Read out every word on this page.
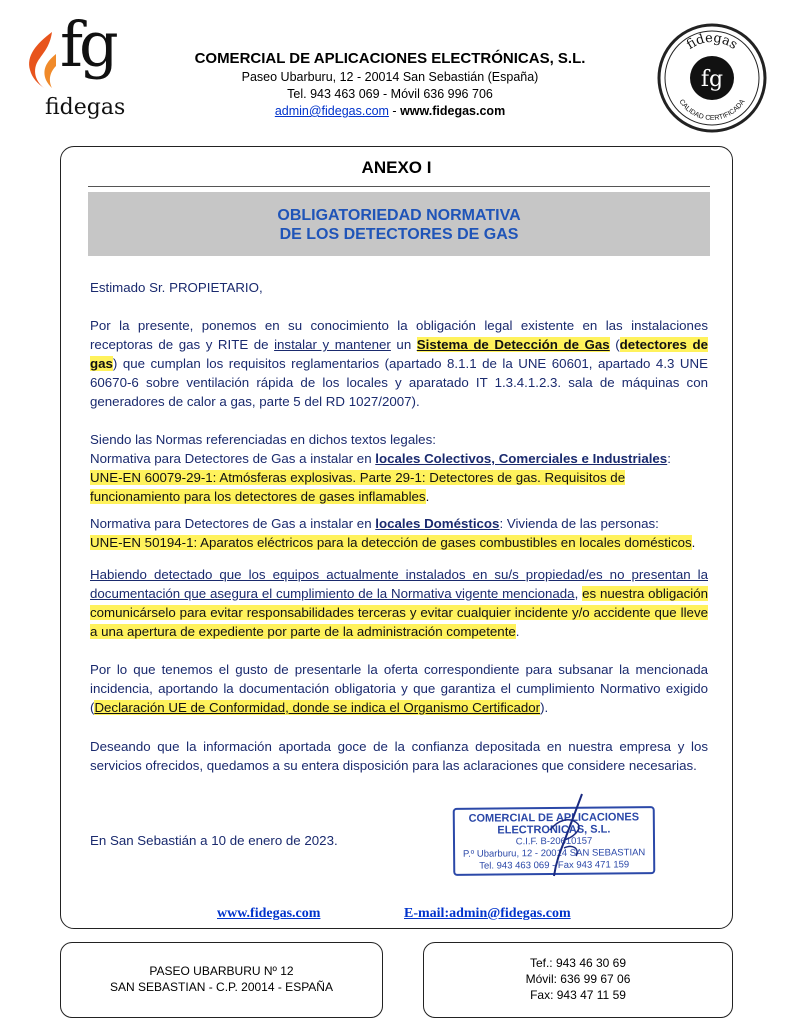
fg
fidegas
COMERCIAL DE APLICACIONES ELECTRÓNICAS, S.L.
Paseo Ubarburu, 12 - 20014 San Sebastián (España)
Tel. 943 463 069 - Móvil 636 996 706
admin@fidegas.com - www.fidegas.com
fg
fidegas
CALIDAD CERTIFICADA
ANEXO I
OBLIGATORIEDAD NORMATIVA
DE LOS DETECTORES DE GAS
Estimado Sr. PROPIETARIO,
Por la presente, ponemos en su conocimiento la obligación legal existente en las instalaciones receptoras de gas y RITE de instalar y mantener un Sistema de Detección de Gas (detectores de gas) que cumplan los requisitos reglamentarios (apartado 8.1.1 de la UNE 60601, apartado 4.3 UNE 60670-6 sobre ventilación rápida de los locales y aparatado IT 1.3.4.1.2.3. sala de máquinas con generadores de calor a gas, parte 5 del RD 1027/2007).
Siendo las Normas referenciadas en dichos textos legales:
Normativa para Detectores de Gas a instalar en locales Colectivos, Comerciales e Industriales:
UNE-EN 60079-29-1: Atmósferas explosivas. Parte 29-1: Detectores de gas. Requisitos de funcionamiento para los detectores de gases inflamables.
Normativa para Detectores de Gas a instalar en locales Domésticos: Vivienda de las personas:
UNE-EN 50194-1: Aparatos eléctricos para la detección de gases combustibles en locales domésticos.
Habiendo detectado que los equipos actualmente instalados en su/s propiedad/es no presentan la documentación que asegura el cumplimiento de la Normativa vigente mencionada, es nuestra obligación comunicárselo para evitar responsabilidades terceras y evitar cualquier incidente y/o accidente que lleve a una apertura de expediente por parte de la administración competente.
Por lo que tenemos el gusto de presentarle la oferta correspondiente para subsanar la mencionada incidencia, aportando la documentación obligatoria y que garantiza el cumplimiento Normativo exigido (Declaración UE de Conformidad, donde se indica el Organismo Certificador).
Deseando que la información aportada goce de la confianza depositada en nuestra empresa y los servicios ofrecidos, quedamos a su entera disposición para las aclaraciones que considere necesarias.
En San Sebastián a 10 de enero de 2023.
COMERCIAL DE APLICACIONES
ELECTRONICAS, S.L.
C.I.F. B-20610157
P.º Ubarburu, 12 - 20014 SAN SEBASTIAN
Tel. 943 463 069 - Fax 943 471 159
www.fidegas.com	E-mail:admin@fidegas.com
PASEO UBARBURU Nº 12
SAN SEBASTIAN - C.P. 20014 - ESPAÑA
Tef.: 943 46 30 69
Móvil: 636 99 67 06
Fax: 943 47 11 59
